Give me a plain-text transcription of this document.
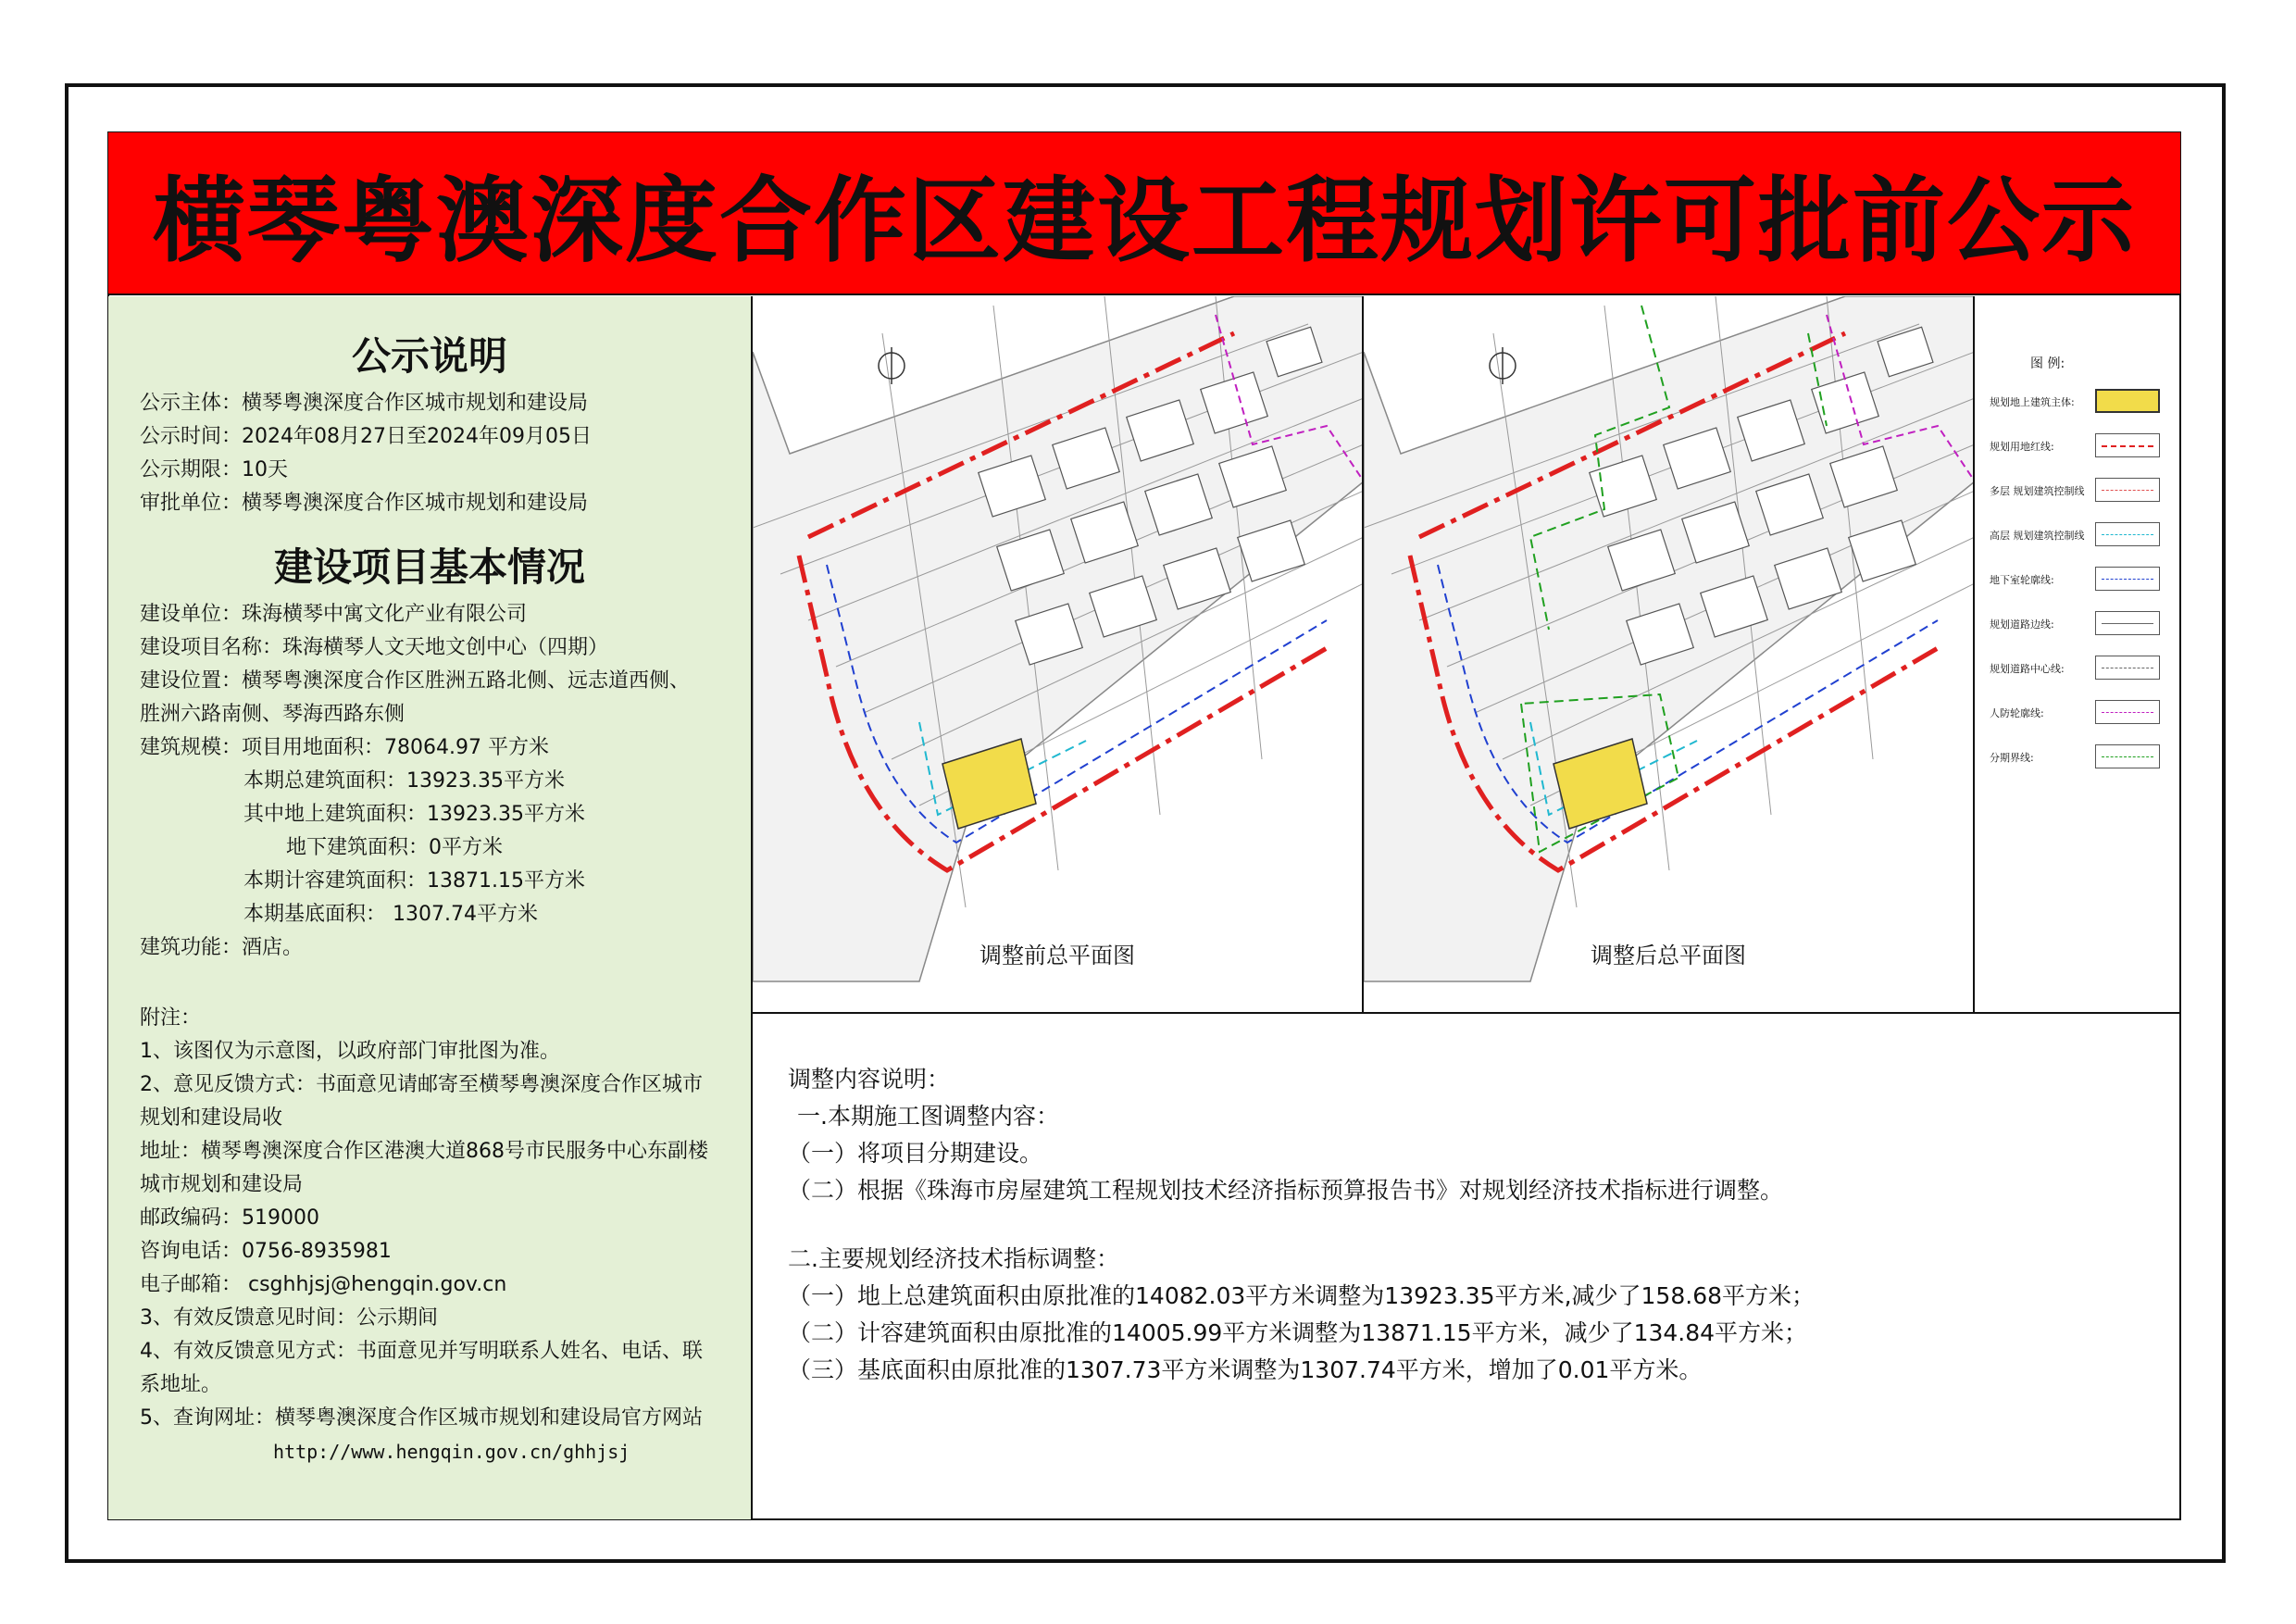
横琴粤澳深度合作区建设工程规划许可批前公示
公示说明
公示主体：横琴粤澳深度合作区城市规划和建设局
公示时间：2024年08月27日至2024年09月05日
公示期限：10天
审批单位：横琴粤澳深度合作区城市规划和建设局
建设项目基本情况
建设单位：珠海横琴中寓文化产业有限公司
建设项目名称：珠海横琴人文天地文创中心（四期）
建设位置：横琴粤澳深度合作区胜洲五路北侧、远志道西侧、
胜洲六路南侧、琴海西路东侧
建筑规模：项目用地面积：78064.97 平方米
本期总建筑面积：13923.35平方米
其中地上建筑面积：13923.35平方米
地下建筑面积：0平方米
本期计容建筑面积：13871.15平方米
本期基底面积： 1307.74平方米
建筑功能：酒店。
附注：
1、该图仅为示意图，以政府部门审批图为准。
2、意见反馈方式：书面意见请邮寄至横琴粤澳深度合作区城市
规划和建设局收
地址：横琴粤澳深度合作区港澳大道868号市民服务中心东副楼
城市规划和建设局
邮政编码：519000
咨询电话：0756-8935981
电子邮箱： csghhjsj@hengqin.gov.cn
3、有效反馈意见时间：公示期间
4、有效反馈意见方式：书面意见并写明联系人姓名、电话、联
系地址。
5、查询网址：横琴粤澳深度合作区城市规划和建设局官方网站
http://www.hengqin.gov.cn/ghhjsj
调整前总平面图	调整后总平面图
图 例:
规划地上建筑主体:
规划用地红线:
多层 规划建筑控制线
高层 规划建筑控制线
地下室轮廓线:
规划道路边线:
规划道路中心线:
人防轮廓线:
分期界线:
调整内容说明：
一.本期施工图调整内容：
（一）将项目分期建设。
（二）根据《珠海市房屋建筑工程规划技术经济指标预算报告书》对规划经济技术指标进行调整。
二.主要规划经济技术指标调整：
（一）地上总建筑面积由原批准的14082.03平方米调整为13923.35平方米,减少了158.68平方米；
（二）计容建筑面积由原批准的14005.99平方米调整为13871.15平方米，减少了134.84平方米；
（三）基底面积由原批准的1307.73平方米调整为1307.74平方米，增加了0.01平方米。
